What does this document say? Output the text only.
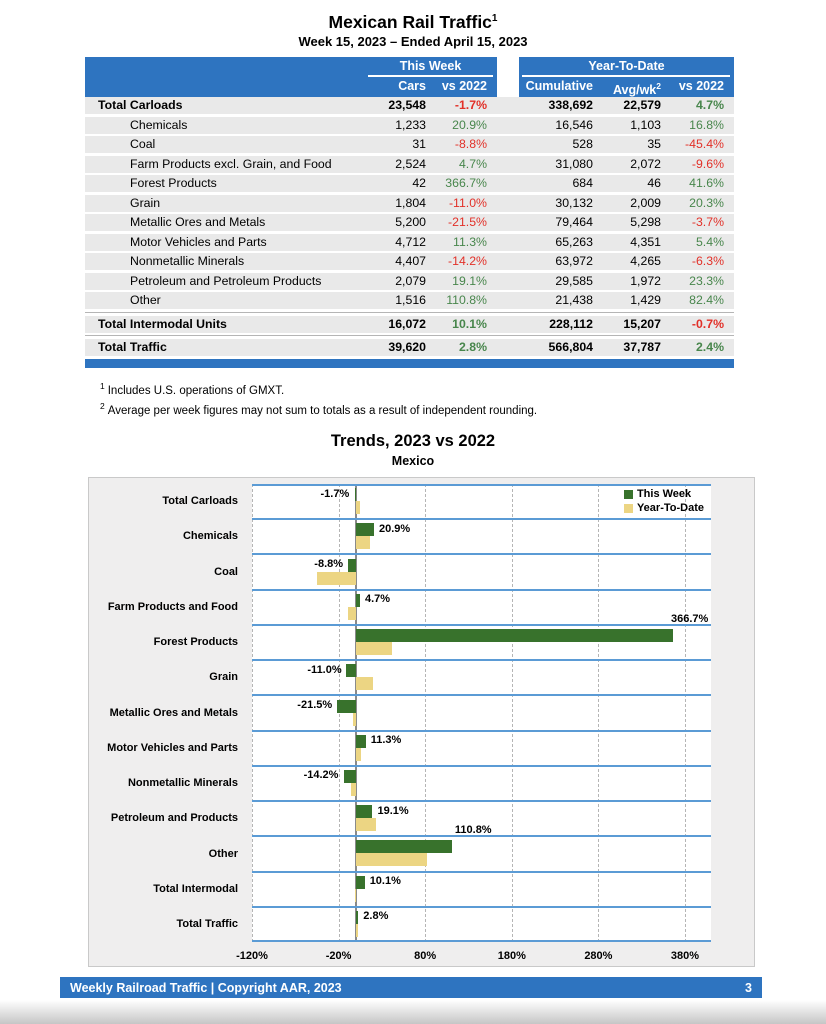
Mexican Rail Traffic$^1$
Week 15, 2023 – Ended April 15, 2023
This Week	Year-To-Date
Cars	vs 2022	Cumulative	Avg/$wk^2$	vs 2022
Total Carloads	23,548	-1.7%	338,692	22,579	4.7%
Chemicals	1,233	20.9%	16,546	1,103	16.8%
Coal	31	-8.8%	528	35	-45.4%
Farm Products excl. Grain, and Food	2,524	4.7%	31,080	2,072	-9.6%
Forest Products	42	366.7%	684	46	41.6%
Grain	1,804	-11.0%	30,132	2,009	20.3%
Metallic Ores and Metals	5,200	-21.5%	79,464	5,298	-3.7%
Motor Vehicles and Parts	4,712	11.3%	65,263	4,351	5.4%
Nonmetallic Minerals	4,407	-14.2%	63,972	4,265	-6.3%
Petroleum and Petroleum Products	2,079	19.1%	29,585	1,972	23.3%
Other	1,516	110.8%	21,438	1,429	82.4%
Total Intermodal Units	16,072	10.1%	228,112	15,207	-0.7%
Total Traffic	39,620	2.8%	566,804	37,787	2.4%
$^1$ Includes U.S. operations of GMXT.
$^2$ Average per week figures may not sum to totals as a result of independent rounding.
Trends, 2023 vs 2022
Mexico
-120%	-20%	80%	180%	280%	380%
-1.7%
20.9%
-8.8%
4.7%
366.7%
-11.0%
-21.5%
11.3%
-14.2%
19.1%
110.8%
10.1%
2.8%
This Week
Year-To-Date
Total Carloads
Chemicals
Coal
Farm Products and Food
Forest Products
Grain
Metallic Ores and Metals
Motor Vehicles and Parts
Nonmetallic Minerals
Petroleum and Products
Other
Total Intermodal
Total Traffic
Weekly Railroad Traffic | Copyright AAR, 2023	3
